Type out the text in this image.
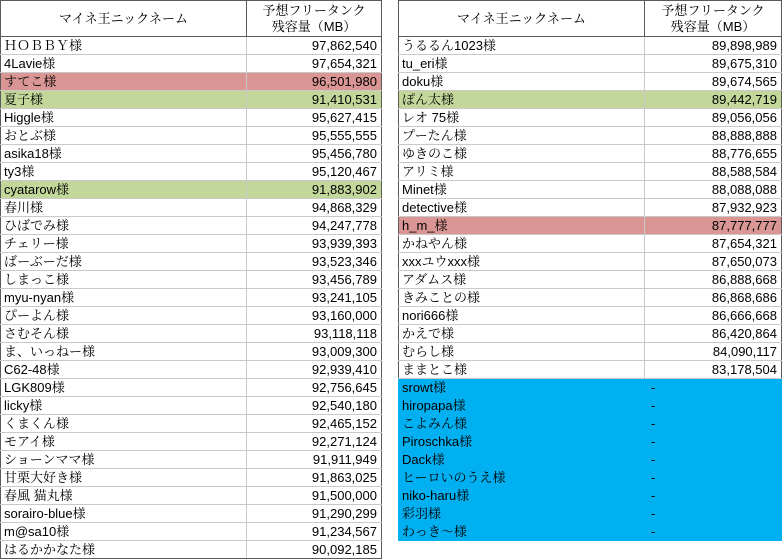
マイネ王ニックネーム	予想フリータンク
残容量（MB）

ＨＯＢＢＹ様	97,862,540
4Lavie様	97,654,321
すてこ様	96,501,980
夏子様	91,410,531
Higgle様	95,627,415
おとぶ様	95,555,555
asika18様	95,456,780
ty3様	95,120,467
cyatarow様	91,883,902
春川様	94,868,329
ひばでみ様	94,247,778
チェリー様	93,939,393
ばーぶーだ様	93,523,346
しまっこ様	93,456,789
myu-nyan様	93,241,105
ぴーよん様	93,160,000
さむそん様	93,118,118
ま、いっねー様	93,009,300
C62-48様	92,939,410
LGK809様	92,756,645
licky様	92,540,180
くまくん様	92,465,152
モアイ様	92,271,124
ショーンママ様	91,911,949
甘栗大好き様	91,863,025
春風 猫丸様	91,500,000
sorairo-blue様	91,290,299
m@sa10様	91,234,567
はるかかなた様	90,092,185
マイネ王ニックネーム	予想フリータンク
残容量（MB）

うるるん1023様	89,898,989
tu_eri様	89,675,310
doku様	89,674,565
ぽん太様	89,442,719
レオ 75様	89,056,056
プーたん様	88,888,888
ゆきのこ様	88,776,655
アリミ様	88,588,584
Minet様	88,088,088
detective様	87,932,923
h_m_様	87,777,777
かねやん様	87,654,321
xxxユウxxx様	87,650,073
アダムス様	86,888,668
きみことの様	86,868,686
nori666様	86,666,668
かえで様	86,420,864
むらし様	84,090,117
ままとこ様	83,178,504
srowt様	-
hiropapa様	-
こよみん様	-
Piroschka様	-
Dack様	-
ヒーロいのうえ様	-
niko-haru様	-
彩羽様	-
わっき～様	-
